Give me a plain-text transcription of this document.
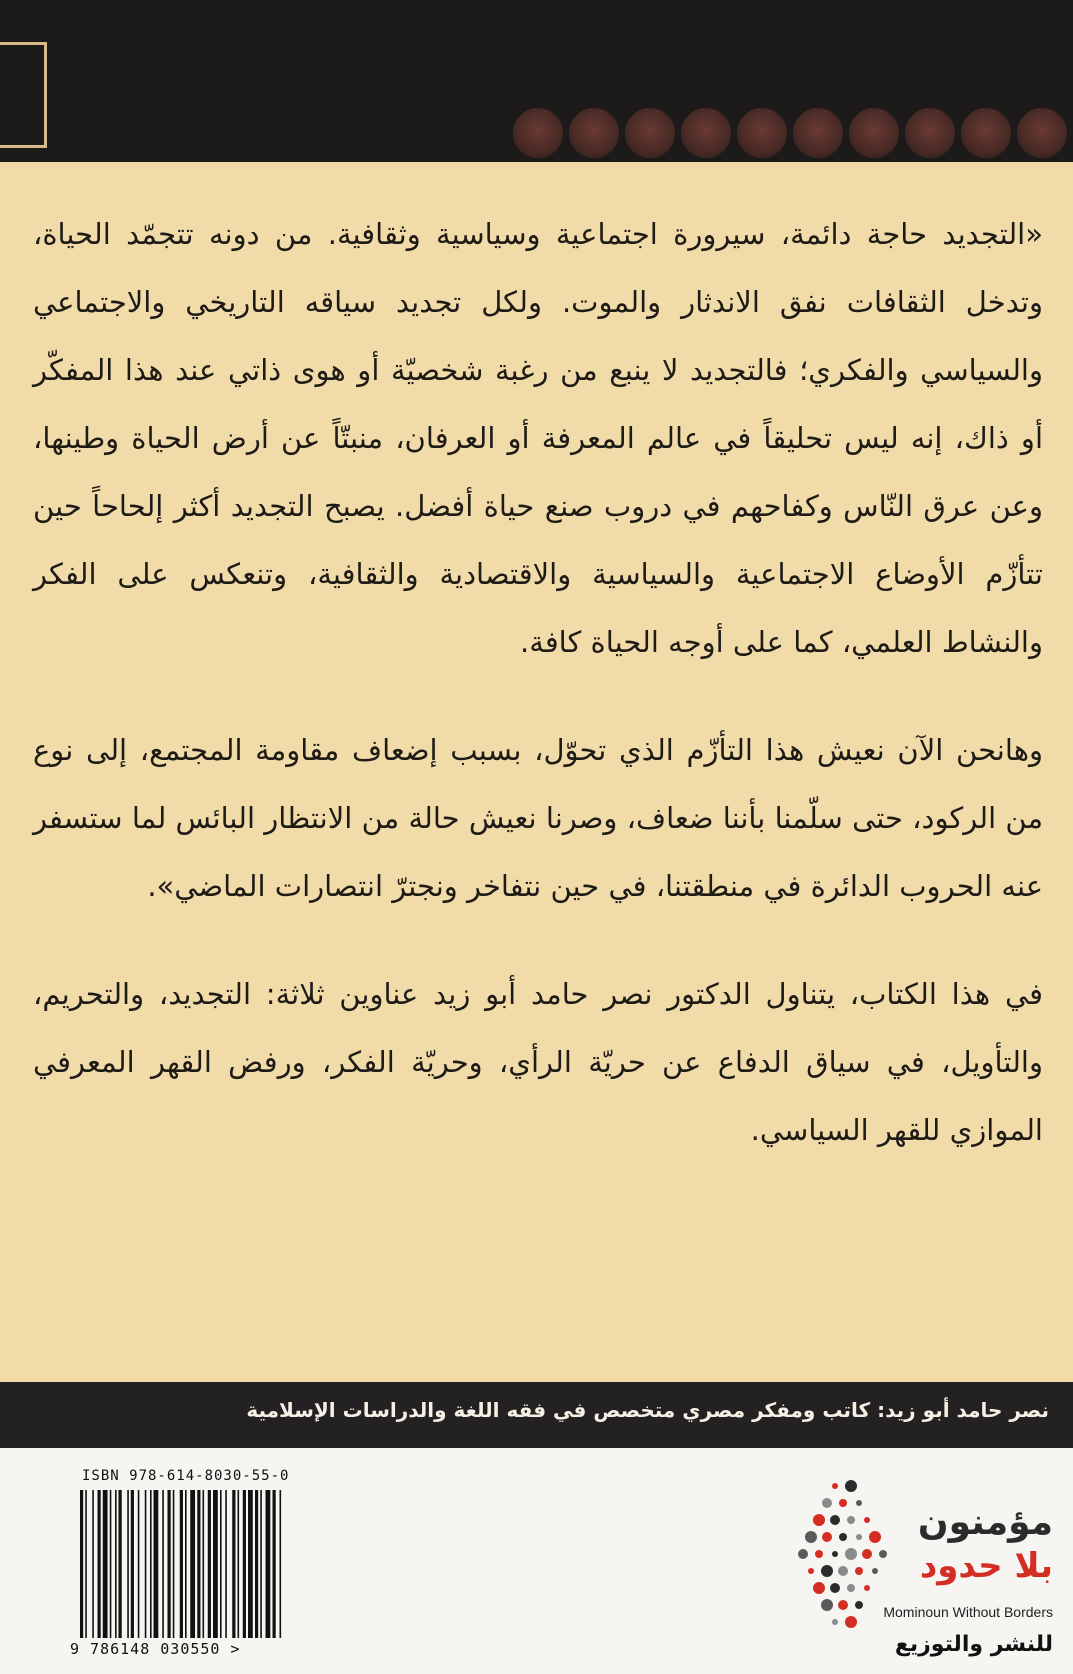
«التجديد حاجة دائمة، سيرورة اجتماعية وسياسية وثقافية. من دونه تتجمّد الحياة، وتدخل الثقافات نفق الاندثار والموت. ولكل تجديد سياقه التاريخي والاجتماعي والسياسي والفكري؛ فالتجديد لا ينبع من رغبة شخصيّة أو هوى ذاتي عند هذا المفكّر أو ذاك، إنه ليس تحليقاً في عالم المعرفة أو العرفان، منبتّاً عن أرض الحياة وطينها، وعن عرق النّاس وكفاحهم في دروب صنع حياة أفضل. يصبح التجديد أكثر إلحاحاً حين تتأزّم الأوضاع الاجتماعية والسياسية والاقتصادية والثقافية، وتنعكس على الفكر والنشاط العلمي، كما على أوجه الحياة كافة.

وهانحن الآن نعيش هذا التأزّم الذي تحوّل، بسبب إضعاف مقاومة المجتمع، إلى نوع من الركود، حتى سلّمنا بأننا ضعاف، وصرنا نعيش حالة من الانتظار البائس لما ستسفر عنه الحروب الدائرة في منطقتنا، في حين نتفاخر ونجترّ انتصارات الماضي».

في هذا الكتاب، يتناول الدكتور نصر حامد أبو زيد عناوين ثلاثة: التجديد، والتحريم، والتأويل، في سياق الدفاع عن حريّة الرأي، وحريّة الفكر، ورفض القهر المعرفي الموازي للقهر السياسي.

نصر حامد أبو زيد: كاتب ومفكر مصري متخصص في فقه اللغة والدراسات الإسلامية
ISBN 978-614-8030-55-0
9 786148 030550 >
مؤمنون
بلا حدود
Mominoun Without Borders
للنشر والتوزيع
